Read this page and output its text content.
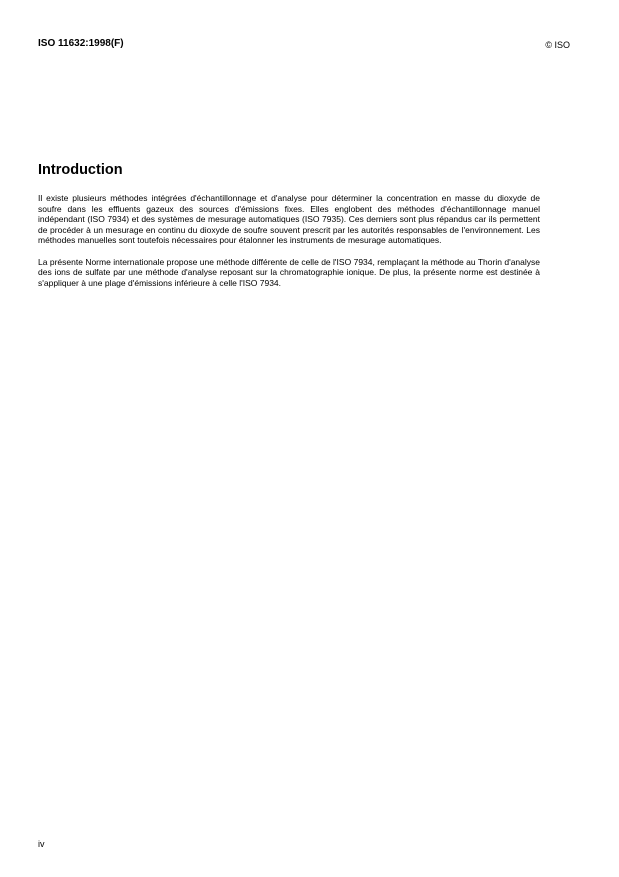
ISO 11632:1998(F)	© ISO
Introduction

Il existe plusieurs méthodes intégrées d'échantillonnage et d'analyse pour déterminer la concentration en masse du dioxyde de soufre dans les effluents gazeux des sources d'émissions fixes. Elles englobent des méthodes d'échantillonnage manuel indépendant (ISO 7934) et des systèmes de mesurage automatiques (ISO 7935). Ces derniers sont plus répandus car ils permettent de procéder à un mesurage en continu du dioxyde de soufre souvent prescrit par les autorités responsables de l'environnement. Les méthodes manuelles sont toutefois nécessaires pour étalonner les instruments de mesurage automatiques.

La présente Norme internationale propose une méthode différente de celle de l'ISO 7934, remplaçant la méthode au Thorin d'analyse des ions de sulfate par une méthode d'analyse reposant sur la chromatographie ionique. De plus, la présente norme est destinée à s'appliquer à une plage d'émissions inférieure à celle l'ISO 7934.

iv
